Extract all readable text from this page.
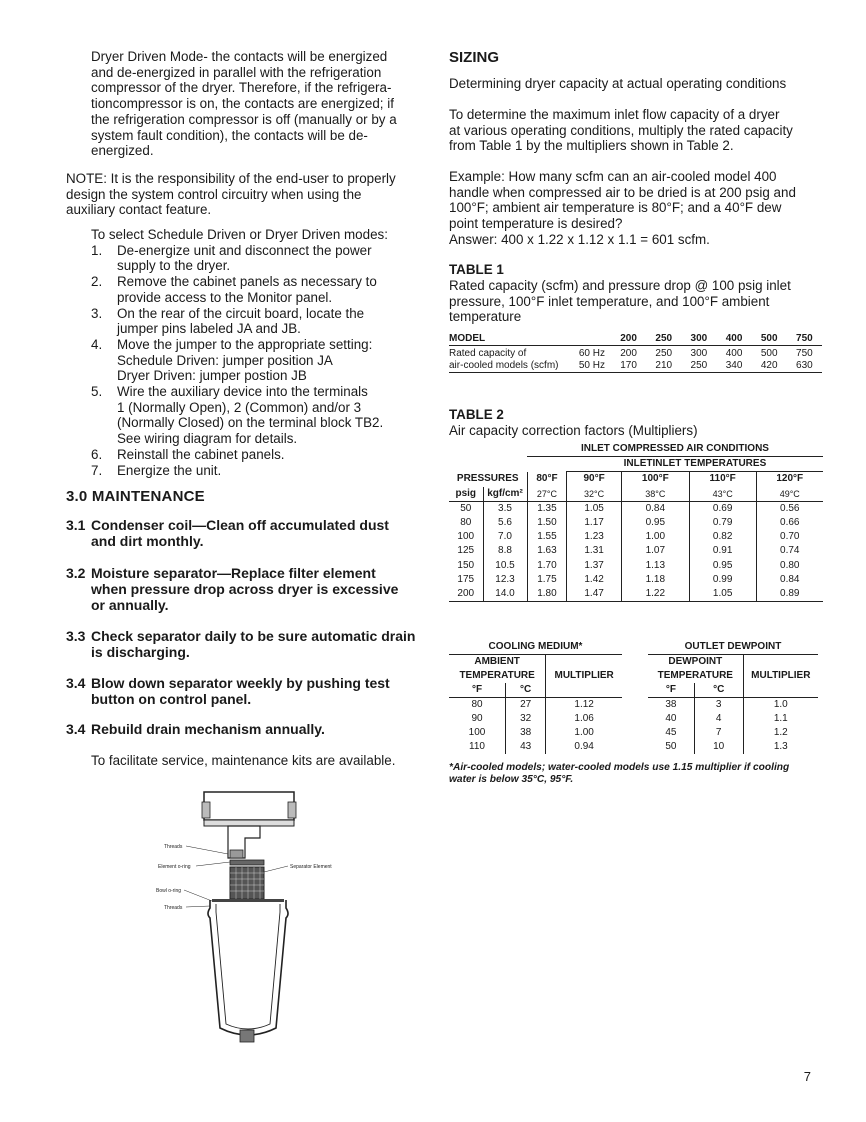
Dryer Driven Mode- the contacts will be energized
and de-energized in parallel with the refrigeration
compressor of the dryer. Therefore, if the refrigera-
tioncompressor is on, the contacts are energized; if
the refrigeration compressor is off (manually or by a
system fault condition), the contacts will be de-
energized.
NOTE: It is the responsibility of the end-user to properly
design the system control circuitry when using the
auxiliary contact feature.
To select Schedule Driven or Dryer Driven modes:
1.	De-energize unit and disconnect the power
supply to the dryer.
2.	Remove the cabinet panels as necessary to
provide access to the Monitor panel.
3.	On the rear of the circuit board, locate the
jumper pins labeled JA and JB.
4.	Move the jumper to the appropriate setting:
Schedule Driven: jumper position JA
Dryer Driven: jumper postion JB
5.	Wire the auxiliary device into the terminals
1 (Normally Open), 2 (Common) and/or 3
(Normally Closed) on the terminal block TB2.
See wiring diagram for details.
6.	Reinstall the cabinet panels.
7.	Energize the unit.
3.0 MAINTENANCE
3.1 Condenser coil—Clean off accumulated dust
and dirt monthly.
3.2 Moisture separator—Replace filter element
when pressure drop across dryer is excessive
or annually.
3.3 Check separator daily to be sure automatic drain
is discharging.
3.4 Blow down separator weekly by pushing test
button on control panel.
3.4 Rebuild drain mechanism annually.
To facilitate service, maintenance kits are available.
Threads
Element o-ring	Separator Element
Bowl o-ring
Threads
SIZING
Determining dryer capacity at actual operating conditions
To determine the maximum inlet flow capacity of a dryer
at various operating conditions, multiply the rated capacity
from Table 1 by the multipliers shown in Table 2.
Example: How many scfm can an air-cooled model 400
handle when compressed air to be dried is at 200 psig and
100°F; ambient air temperature is 80°F; and a 40°F dew
point temperature is desired?
Answer: 400 x 1.22 x 1.12 x 1.1 = 601 scfm.
TABLE 1
Rated capacity (scfm) and pressure drop @ 100 psig inlet
pressure, 100°F inlet temperature, and 100°F ambient
temperature
MODEL		200	250	300	400	500	750
Rated capacity of	60 Hz	200	250	300	400	500	750
air-cooled models (scfm)	50 Hz	170	210	250	340	420	630
TABLE 2
Air capacity correction factors (Multipliers)
		INLET COMPRESSED AIR CONDITIONS				
			INLETINLET TEMPERATURES			
PRESSURES		80°F	90°F	100°F	110°F	120°F
psig	kgf/cm²	27°C	32°C	38°C	43°C	49°C
50	3.5	1.35	1.05	0.84	0.69	0.56
80	5.6	1.50	1.17	0.95	0.79	0.66
100	7.0	1.55	1.23	1.00	0.82	0.70
125	8.8	1.63	1.31	1.07	0.91	0.74
150	10.5	1.70	1.37	1.13	0.95	0.80
175	12.3	1.75	1.42	1.18	0.99	0.84
200	14.0	1.80	1.47	1.22	1.05	0.89
COOLING MEDIUM*		
AMBIENT		MULTIPLIER
TEMPERATURE		
°F	°C	
80	27	1.12
90	32	1.06
100	38	1.00
110	43	0.94
OUTLET DEWPOINT		
DEWPOINT		MULTIPLIER
TEMPERATURE		
°F	°C	
38	3	1.0
40	4	1.1
45	7	1.2
50	10	1.3
*Air-cooled models; water-cooled models use 1.15 multiplier if cooling
water is below 35°C, 95°F.
7
